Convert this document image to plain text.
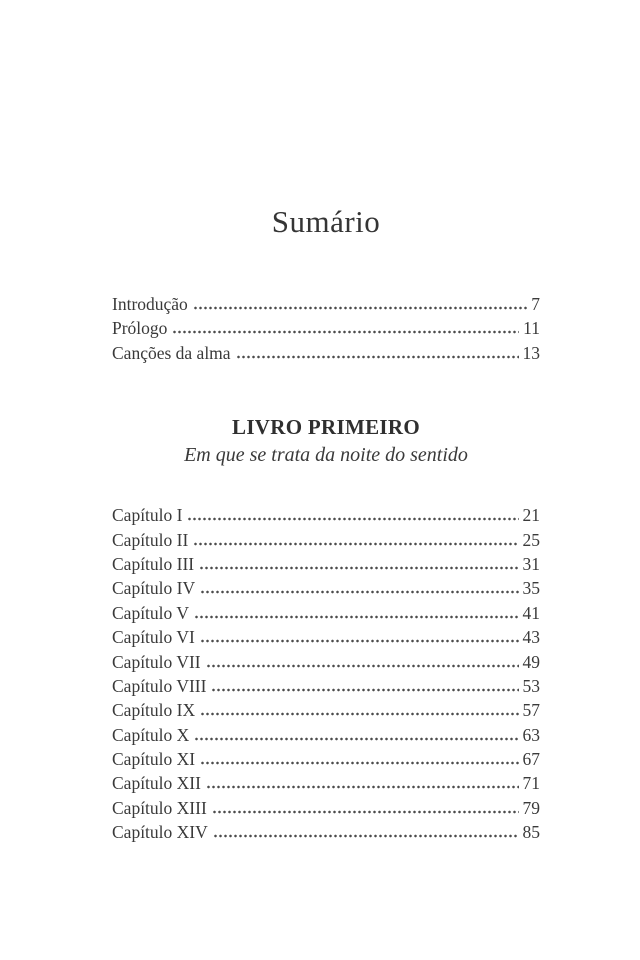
Sumário
Introdução	7
Prólogo	11
Canções da alma	13
LIVRO PRIMEIRO
Em que se trata da noite do sentido
Capítulo I	21
Capítulo II	25
Capítulo III	31
Capítulo IV	35
Capítulo V	41
Capítulo VI	43
Capítulo VII	49
Capítulo VIII	53
Capítulo IX	57
Capítulo X	63
Capítulo XI	67
Capítulo XII	71
Capítulo XIII	79
Capítulo XIV	85
